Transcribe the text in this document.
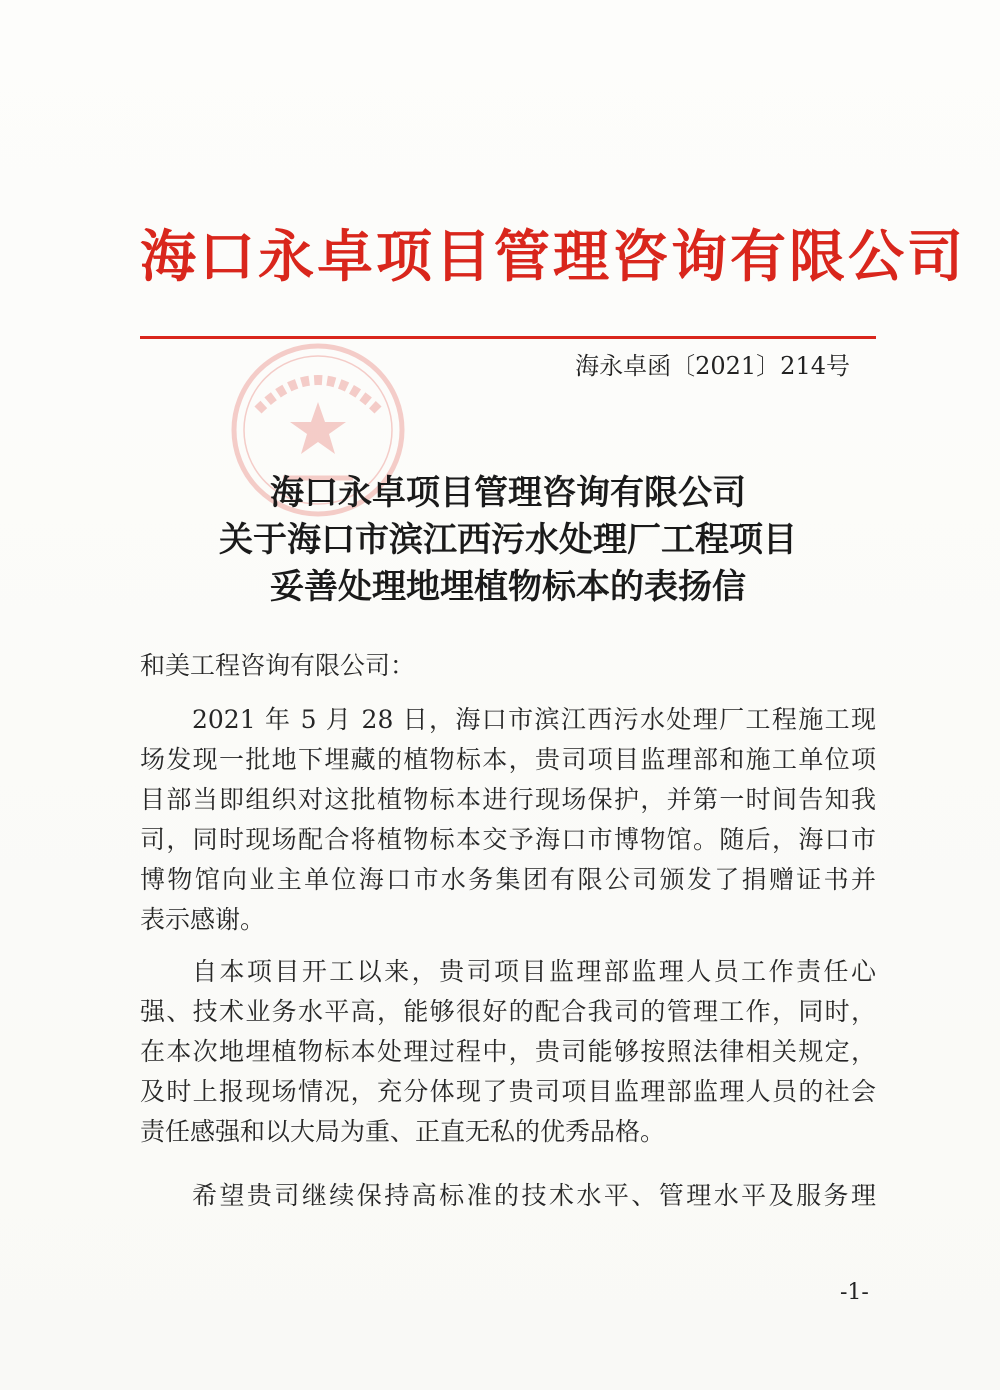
海口永卓项目管理咨询有限公司
海永卓函〔2021〕214号
海口永卓项目管理咨询有限公司
关于海口市滨江西污水处理厂工程项目
妥善处理地埋植物标本的表扬信
和美工程咨询有限公司：
2021 年 5 月 28 日，海口市滨江西污水处理厂工程施工现
场发现一批地下埋藏的植物标本，贵司项目监理部和施工单位项
目部当即组织对这批植物标本进行现场保护，并第一时间告知我
司，同时现场配合将植物标本交予海口市博物馆。随后，海口市
博物馆向业主单位海口市水务集团有限公司颁发了捐赠证书并
表示感谢。
自本项目开工以来，贵司项目监理部监理人员工作责任心
强、技术业务水平高，能够很好的配合我司的管理工作，同时，
在本次地埋植物标本处理过程中，贵司能够按照法律相关规定，
及时上报现场情况，充分体现了贵司项目监理部监理人员的社会
责任感强和以大局为重、正直无私的优秀品格。
希望贵司继续保持高标准的技术水平、管理水平及服务理
-1-
